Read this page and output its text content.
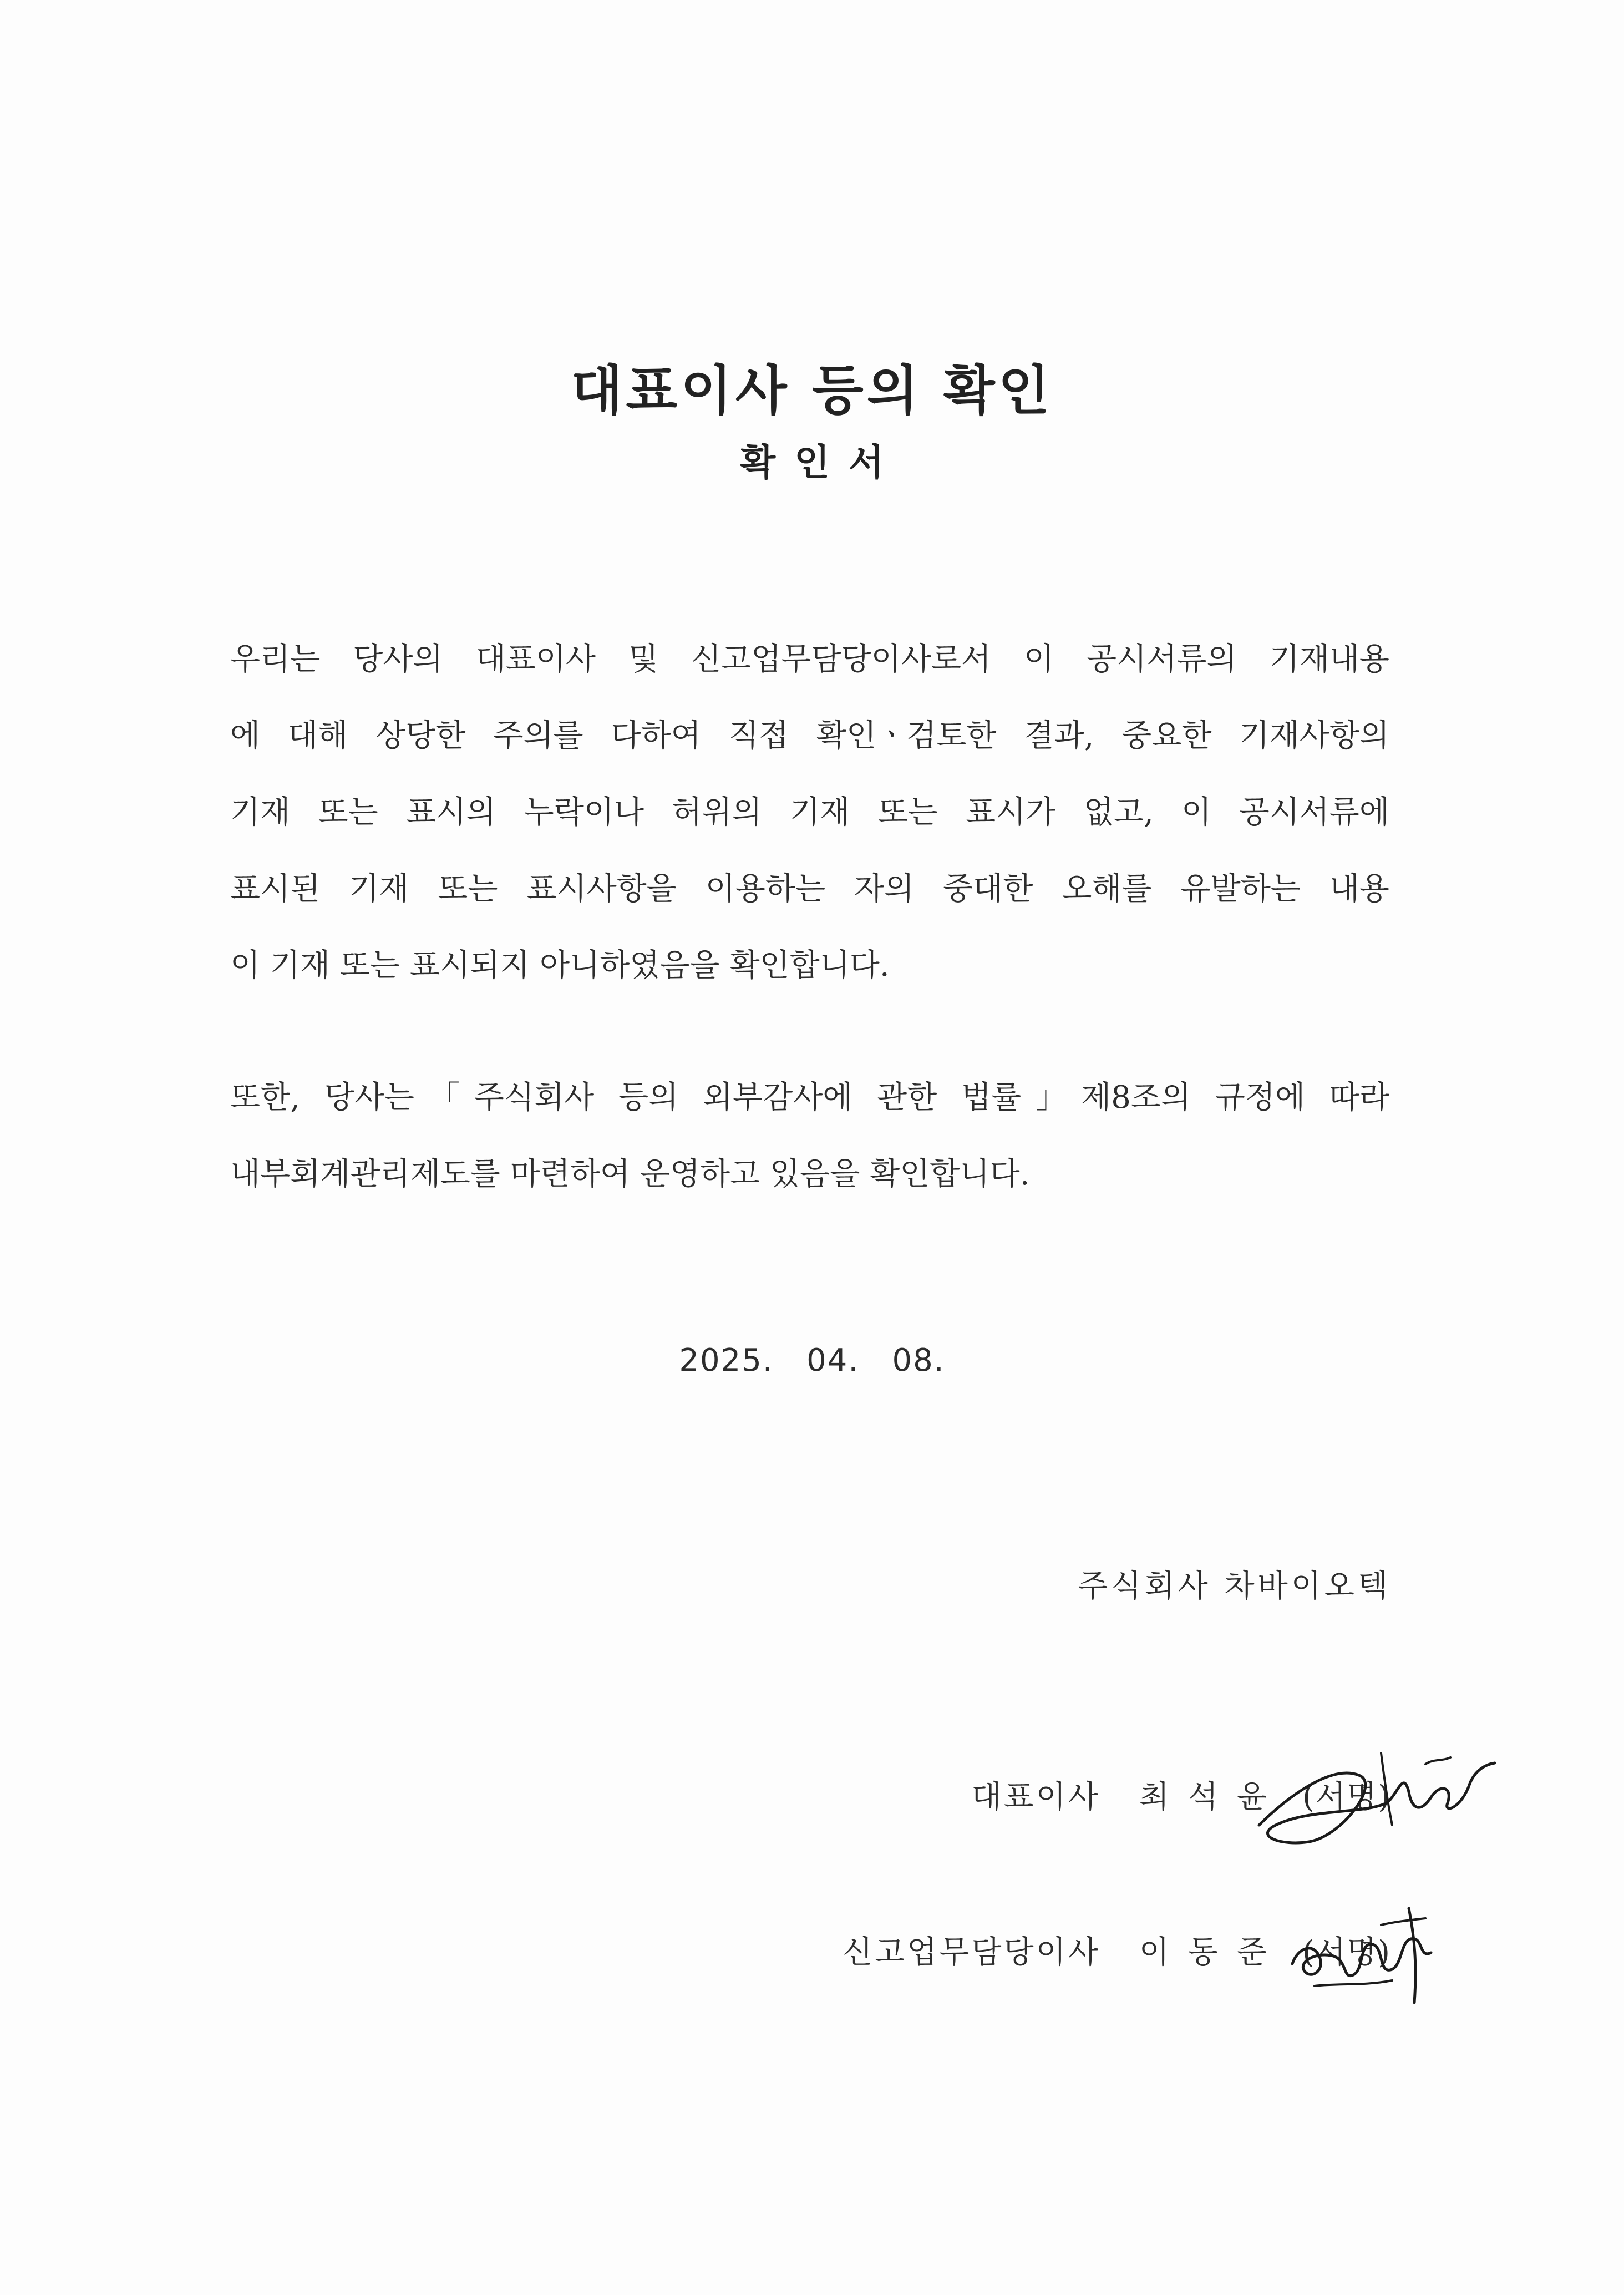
대표이사 등의 확인
확인서
우리는 당사의 대표이사 및 신고업무담당이사로서 이 공시서류의 기재내용
에 대해 상당한 주의를 다하여 직접 확인ㆍ검토한 결과, 중요한 기재사항의
기재 또는 표시의 누락이나 허위의 기재 또는 표시가 없고, 이 공시서류에
표시된 기재 또는 표시사항을 이용하는 자의 중대한 오해를 유발하는 내용
이 기재 또는 표시되지 아니하였음을 확인합니다.
또한, 당사는「주식회사 등의 외부감사에 관한 법률」제8조의 규정에 따라
내부회계관리제도를 마련하여 운영하고 있음을 확인합니다.
2025.   04.   08.
주식회사 차바이오텍
대표이사 최석윤 (서명)
신고업무담당이사 이동준 (서명)
